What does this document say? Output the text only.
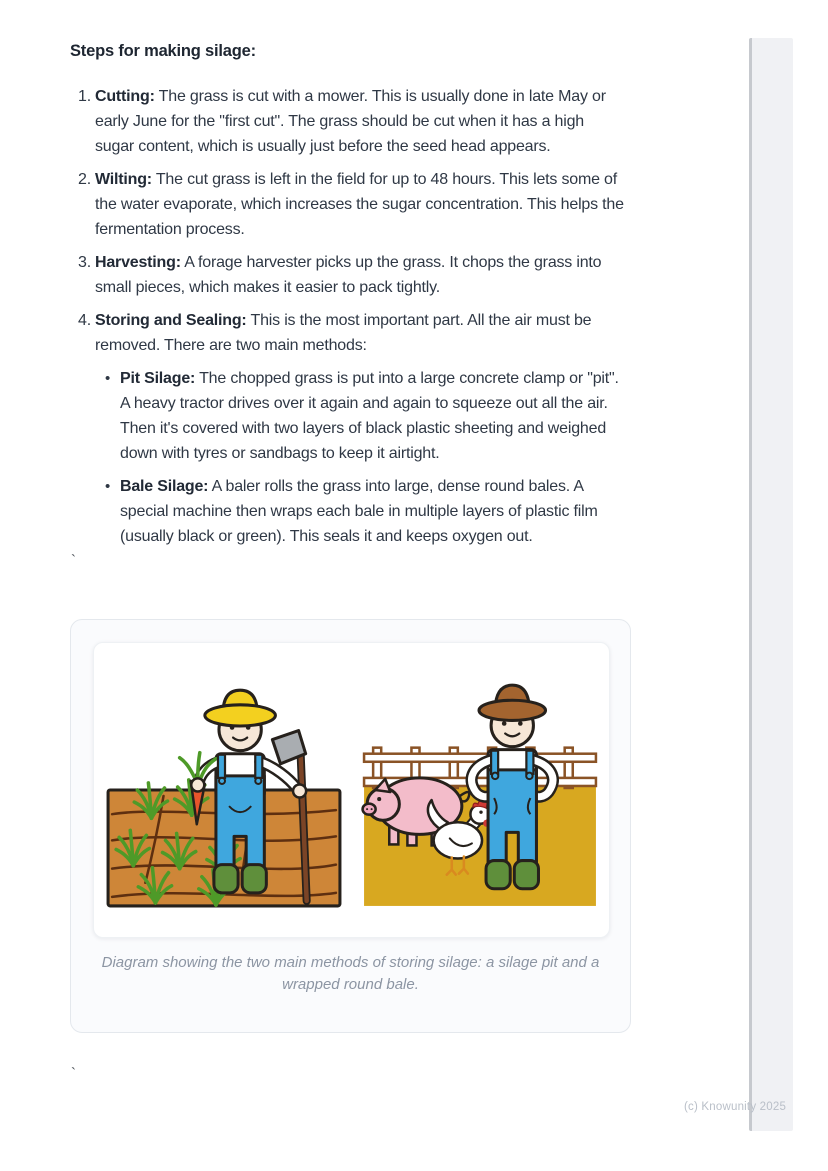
Steps for making silage:
1. Cutting: The grass is cut with a mower. This is usually done in late May or early June for the "first cut". The grass should be cut when it has a high sugar content, which is usually just before the seed head appears.
2. Wilting: The cut grass is left in the field for up to 48 hours. This lets some of the water evaporate, which increases the sugar concentration. This helps the fermentation process.
3. Harvesting: A forage harvester picks up the grass. It chops the grass into small pieces, which makes it easier to pack tightly.
4. Storing and Sealing: This is the most important part. All the air must be removed. There are two main methods:
• Pit Silage: The chopped grass is put into a large concrete clamp or "pit". A heavy tractor drives over it again and again to squeeze out all the air. Then it's covered with two layers of black plastic sheeting and weighed down with tyres or sandbags to keep it airtight.
• Bale Silage: A baler rolls the grass into large, dense round bales. A special machine then wraps each bale in multiple layers of plastic film (usually black or green). This seals it and keeps oxygen out.
`
`
Diagram showing the two main methods of storing silage: a silage pit and a wrapped round bale.
(c) Knowunity 2025
